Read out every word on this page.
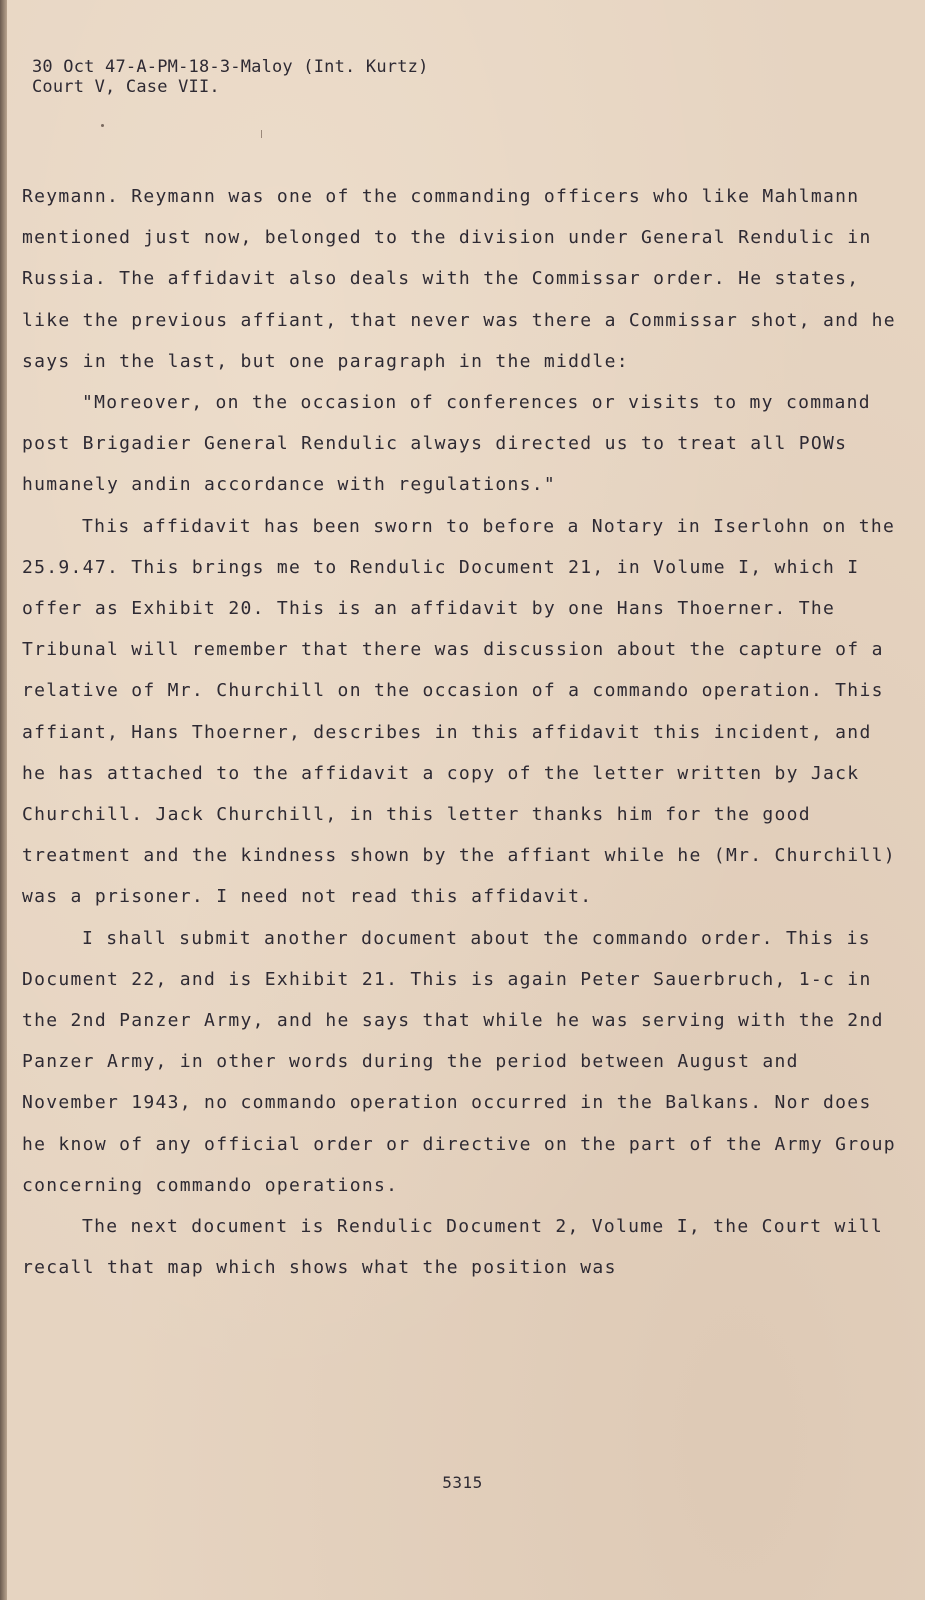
30 Oct 47-A-PM-18-3-Maloy (Int. Kurtz)
Court V, Case VII.

Reymann. Reymann was one of the commanding officers who like Mahlmann mentioned just now, belonged to the division under General Rendulic in Russia. The affidavit also deals with the Commissar order. He states, like the previous affiant, that never was there a Commissar shot, and he says in the last, but one paragraph in the middle:

"Moreover, on the occasion of conferences or visits to my command post Brigadier General Rendulic always directed us to treat all POWs humanely andin accordance with regulations."

This affidavit has been sworn to before a Notary in Iserlohn on the 25.9.47. This brings me to Rendulic Document 21, in Volume I, which I offer as Exhibit 20. This is an affidavit by one Hans Thoerner. The Tribunal will remember that there was discussion about the capture of a relative of Mr. Churchill on the occasion of a commando operation. This affiant, Hans Thoerner, describes in this affidavit this incident, and he has attached to the affidavit a copy of the letter written by Jack Churchill. Jack Churchill, in this letter thanks him for the good treatment and the kindness shown by the affiant while he (Mr. Churchill) was a prisoner. I need not read this affidavit.

I shall submit another document about the commando order. This is Document 22, and is Exhibit 21. This is again Peter Sauerbruch, 1-c in the 2nd Panzer Army, and he says that while he was serving with the 2nd Panzer Army, in other words during the period between August and November 1943, no commando operation occurred in the Balkans. Nor does he know of any official order or directive on the part of the Army Group concerning commando operations.

The next document is Rendulic Document 2, Volume I, the Court will recall that map which shows what the position was

5315
